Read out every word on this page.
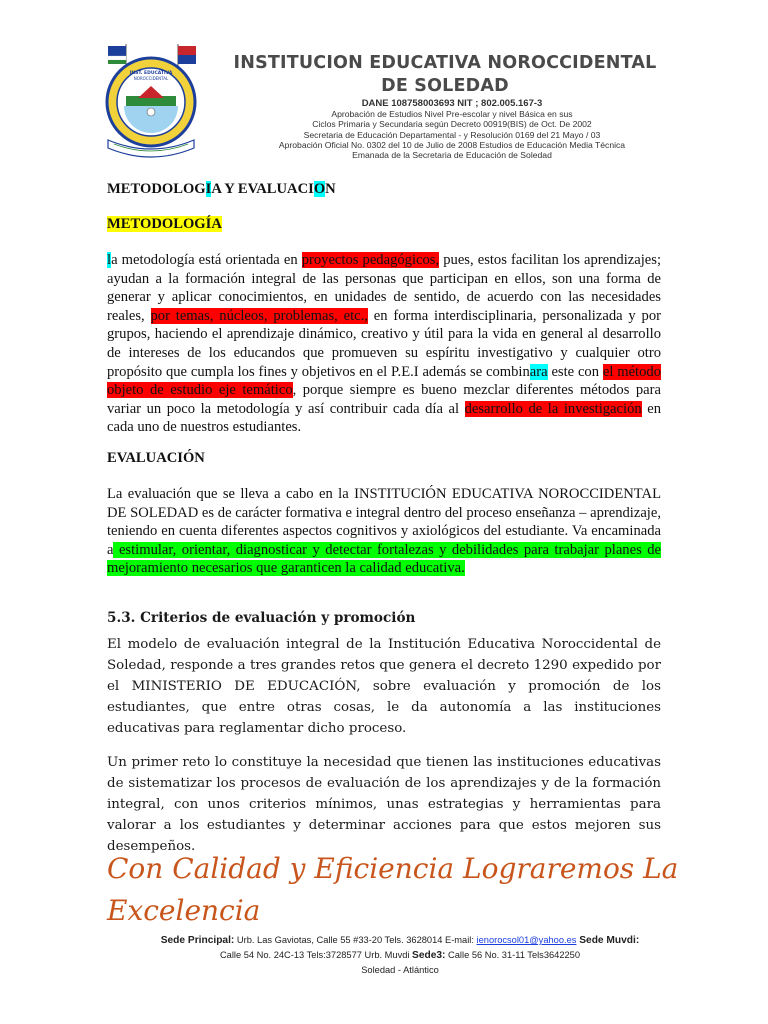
INST. EDUCATIVA
NOROCCIDENTAL
INSTITUCION EDUCATIVA NOROCCIDENTAL
DE SOLEDAD
DANE 108758003693 NIT ; 802.005.167-3
Aprobación de Estudios Nivel Pre-escolar y nivel Básica en sus
Ciclos Primaria y Secundaria según Decreto 00919(BIS) de Oct. De 2002
Secretaria de Educación Departamental - y Resolución 0169 del 21 Mayo / 03
Aprobación Oficial No. 0302 del 10 de Julio de 2008 Estudios de Educación Media Técnica
Emanada de la Secretaria de Educación de Soledad
METODOLOGIA Y EVALUACION
METODOLOGÍA
la metodología está orientada en proyectos pedagógicos, pues, estos facilitan los aprendizajes; ayudan a la formación integral de las personas que participan en ellos, son una forma de generar y aplicar conocimientos, en unidades de sentido, de acuerdo con las necesidades reales, por temas, núcleos, problemas, etc., en forma interdisciplinaria, personalizada y por grupos, haciendo el aprendizaje dinámico, creativo y útil para la vida en general al desarrollo de intereses de los educandos que promueven su espíritu investigativo y cualquier otro propósito que cumpla los fines y objetivos en el P.E.I además se combinara este con el método objeto de estudio eje temático, porque siempre es bueno mezclar diferentes métodos para variar un poco la metodología y así contribuir cada día al desarrollo de la investigación en cada uno de nuestros estudiantes.
EVALUACIÓN
La evaluación que se lleva a cabo en la INSTITUCIÓN EDUCATIVA NOROCCIDENTAL DE SOLEDAD es de carácter formativa e integral dentro del proceso enseñanza – aprendizaje, teniendo en cuenta diferentes aspectos cognitivos y axiológicos del estudiante. Va encaminada a estimular, orientar, diagnosticar y detectar fortalezas y debilidades para trabajar planes de mejoramiento necesarios que garanticen la calidad educativa.
5.3. Criterios de evaluación y promoción
El modelo de evaluación integral de la Institución Educativa Noroccidental de Soledad, responde a tres grandes retos que genera el decreto 1290 expedido por el MINISTERIO DE EDUCACIÓN, sobre evaluación y promoción de los estudiantes, que entre otras cosas, le da autonomía a las instituciones educativas para reglamentar dicho proceso.
Un primer reto lo constituye la necesidad que tienen las instituciones educativas de sistematizar los procesos de evaluación de los aprendizajes y de la formación integral, con unos criterios mínimos, unas estrategias y herramientas para valorar a los estudiantes y determinar acciones para que estos mejoren sus desempeños.
Con Calidad y Eficiencia Lograremos La
Excelencia
Sede Principal: Urb. Las Gaviotas, Calle 55 #33-20 Tels. 3628014 E-mail: ienorocsol01@yahoo.es Sede Muvdi:
Calle 54 No. 24C-13 Tels:3728577 Urb. Muvdi Sede3: Calle 56 No. 31-11 Tels3642250
Soledad - Atlántico
